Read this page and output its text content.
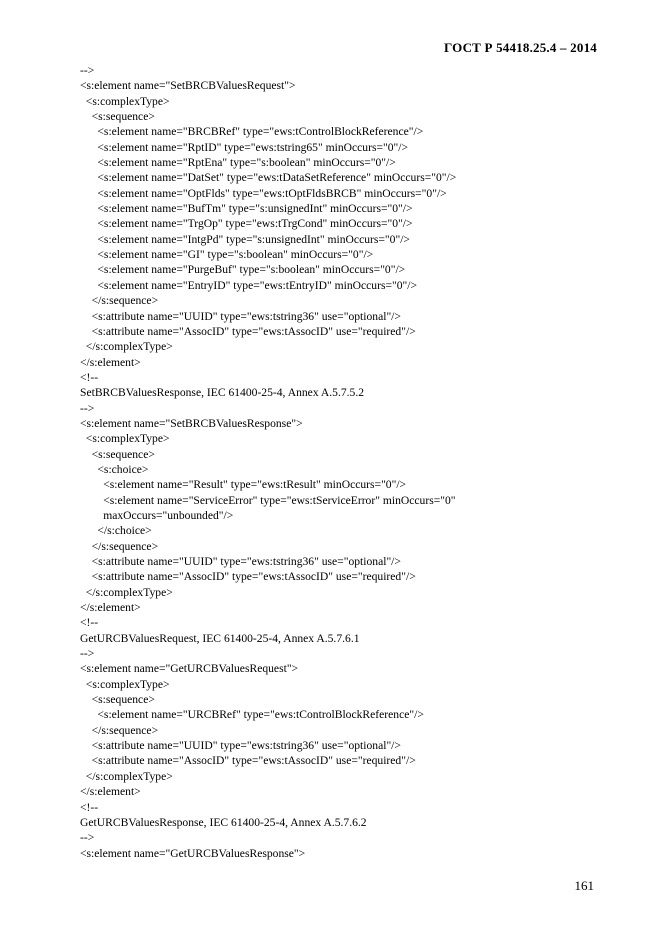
ГОСТ Р 54418.25.4 – 2014
-->
<s:element name="SetBRCBValuesRequest">
<s:complexType>
<s:sequence>
<s:element name="BRCBRef" type="ews:tControlBlockReference"/>
<s:element name="RptID" type="ews:tstring65" minOccurs="0"/>
<s:element name="RptEna" type="s:boolean" minOccurs="0"/>
<s:element name="DatSet" type="ews:tDataSetReference" minOccurs="0"/>
<s:element name="OptFlds" type="ews:tOptFldsBRCB" minOccurs="0"/>
<s:element name="BufTm" type="s:unsignedInt" minOccurs="0"/>
<s:element name="TrgOp" type="ews:tTrgCond" minOccurs="0"/>
<s:element name="IntgPd" type="s:unsignedInt" minOccurs="0"/>
<s:element name="GI" type="s:boolean" minOccurs="0"/>
<s:element name="PurgeBuf" type="s:boolean" minOccurs="0"/>
<s:element name="EntryID" type="ews:tEntryID" minOccurs="0"/>
</s:sequence>
<s:attribute name="UUID" type="ews:tstring36" use="optional"/>
<s:attribute name="AssocID" type="ews:tAssocID" use="required"/>
</s:complexType>
</s:element>
<!--
SetBRCBValuesResponse, IEC 61400-25-4, Annex A.5.7.5.2
-->
<s:element name="SetBRCBValuesResponse">
<s:complexType>
<s:sequence>
<s:choice>
<s:element name="Result" type="ews:tResult" minOccurs="0"/>
<s:element name="ServiceError" type="ews:tServiceError" minOccurs="0"
maxOccurs="unbounded"/>
</s:choice>
</s:sequence>
<s:attribute name="UUID" type="ews:tstring36" use="optional"/>
<s:attribute name="AssocID" type="ews:tAssocID" use="required"/>
</s:complexType>
</s:element>
<!--
GetURCBValuesRequest, IEC 61400-25-4, Annex A.5.7.6.1
-->
<s:element name="GetURCBValuesRequest">
<s:complexType>
<s:sequence>
<s:element name="URCBRef" type="ews:tControlBlockReference"/>
</s:sequence>
<s:attribute name="UUID" type="ews:tstring36" use="optional"/>
<s:attribute name="AssocID" type="ews:tAssocID" use="required"/>
</s:complexType>
</s:element>
<!--
GetURCBValuesResponse, IEC 61400-25-4, Annex A.5.7.6.2
-->
<s:element name="GetURCBValuesResponse">
161
